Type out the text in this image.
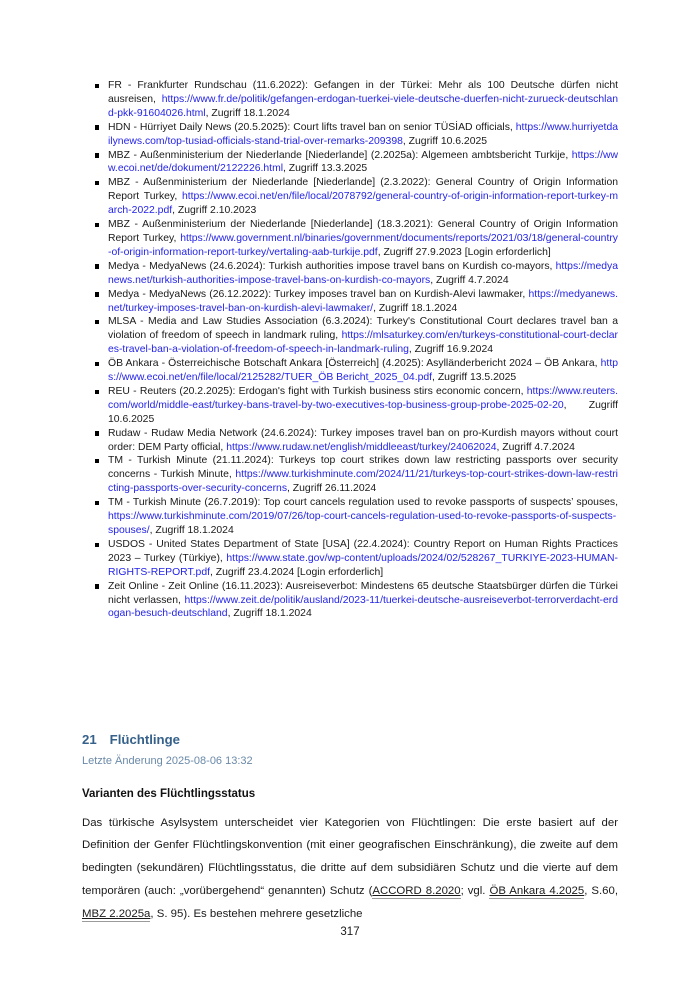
FR - Frankfurter Rundschau (11.6.2022): Gefangen in der Türkei: Mehr als 100 Deutsche dürfen nicht ausreisen, https://www.fr.de/politik/gefangen-erdogan-tuerkei-viele-deutsche-duerfen-nicht-zurueck-deutschland-pkk-91604026.html, Zugriff 18.1.2024
HDN - Hürriyet Daily News (20.5.2025): Court lifts travel ban on senior TÜSİAD officials, https://www.hurriyetdailynews.com/top-tusiad-officials-stand-trial-over-remarks-209398, Zugriff 10.6.2025
MBZ - Außenministerium der Niederlande [Niederlande] (2.2025a): Algemeen ambtsbericht Turkije, https://www.ecoi.net/de/dokument/2122226.html, Zugriff 13.3.2025
MBZ - Außenministerium der Niederlande [Niederlande] (2.3.2022): General Country of Origin Information Report Turkey, https://www.ecoi.net/en/file/local/2078792/general-country-of-origin-information-report-turkey-march-2022.pdf, Zugriff 2.10.2023
MBZ - Außenministerium der Niederlande [Niederlande] (18.3.2021): General Country of Origin Information Report Turkey, https://www.government.nl/binaries/government/documents/reports/2021/03/18/general-country-of-origin-information-report-turkey/vertaling-aab-turkije.pdf, Zugriff 27.9.2023 [Login erforderlich]
Medya - MedyaNews (24.6.2024): Turkish authorities impose travel bans on Kurdish co-mayors, https://medyanews.net/turkish-authorities-impose-travel-bans-on-kurdish-co-mayors, Zugriff 4.7.2024
Medya - MedyaNews (26.12.2022): Turkey imposes travel ban on Kurdish-Alevi lawmaker, https://medyanews.net/turkey-imposes-travel-ban-on-kurdish-alevi-lawmaker/, Zugriff 18.1.2024
MLSA - Media and Law Studies Association (6.3.2024): Turkey's Constitutional Court declares travel ban a violation of freedom of speech in landmark ruling, https://mlsaturkey.com/en/turkeys-constitutional-court-declares-travel-ban-a-violation-of-freedom-of-speech-in-landmark-ruling, Zugriff 16.9.2024
ÖB Ankara - Österreichische Botschaft Ankara [Österreich] (4.2025): Asylländerbericht 2024 – ÖB Ankara, https://www.ecoi.net/en/file/local/2125282/TUER_ÖB Bericht_2025_04.pdf, Zugriff 13.5.2025
REU - Reuters (20.2.2025): Erdogan's fight with Turkish business stirs economic concern, https://www.reuters.com/world/middle-east/turkey-bans-travel-by-two-executives-top-business-group-probe-2025-02-20, Zugriff 10.6.2025
Rudaw - Rudaw Media Network (24.6.2024): Turkey imposes travel ban on pro-Kurdish mayors without court order: DEM Party official, https://www.rudaw.net/english/middleeast/turkey/24062024, Zugriff 4.7.2024
TM - Turkish Minute (21.11.2024): Turkeys top court strikes down law restricting passports over security concerns - Turkish Minute, https://www.turkishminute.com/2024/11/21/turkeys-top-court-strikes-down-law-restricting-passports-over-security-concerns, Zugriff 26.11.2024
TM - Turkish Minute (26.7.2019): Top court cancels regulation used to revoke passports of suspects’ spouses, https://www.turkishminute.com/2019/07/26/top-court-cancels-regulation-used-to-revoke-passports-of-suspects-spouses/, Zugriff 18.1.2024
USDOS - United States Department of State [USA] (22.4.2024): Country Report on Human Rights Practices 2023 – Turkey (Türkiye), https://www.state.gov/wp-content/uploads/2024/02/528267_TURKIYE-2023-HUMAN-RIGHTS-REPORT.pdf, Zugriff 23.4.2024 [Login erforderlich]
Zeit Online - Zeit Online (16.11.2023): Ausreiseverbot: Mindestens 65 deutsche Staatsbürger dürfen die Türkei nicht verlassen, https://www.zeit.de/politik/ausland/2023-11/tuerkei-deutsche-ausreiseverbot-terrorverdacht-erdogan-besuch-deutschland, Zugriff 18.1.2024
21 Flüchtlinge
Letzte Änderung 2025-08-06 13:32
Varianten des Flüchtlingsstatus

Das türkische Asylsystem unterscheidet vier Kategorien von Flüchtlingen: Die erste basiert auf der Definition der Genfer Flüchtlingskonvention (mit einer geografischen Einschränkung), die zweite auf dem bedingten (sekundären) Flüchtlingsstatus, die dritte auf dem subsidiären Schutz und die vierte auf dem temporären (auch: „vorübergehend“ genannten) Schutz (ACCORD 8.2020; vgl. ÖB Ankara 4.2025, S.60, MBZ 2.2025a, S. 95). Es bestehen mehrere gesetzliche

317
